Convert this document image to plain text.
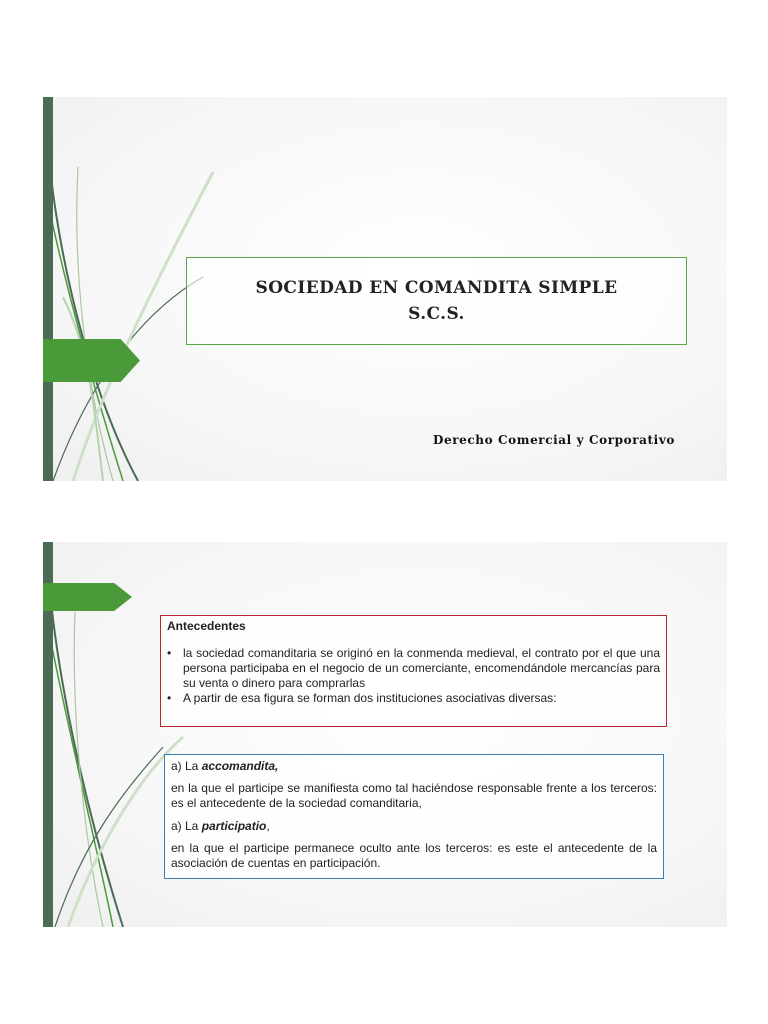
SOCIEDAD EN COMANDITA SIMPLE
S.C.S.
Derecho Comercial y Corporativo
Antecedentes
• la sociedad comanditaria se originó en la conmenda medieval, el contrato por el que una persona participaba en el negocio de un comerciante, encomendándole mercancías para su venta o dinero para comprarlas
• A partir de esa figura se forman dos instituciones asociativas diversas:
a) La accomandita,
en la que el participe se manifiesta como tal haciéndose responsable frente a los terceros: es el antecedente de la sociedad comanditaria,
a) La participatio,
en la que el participe permanece oculto ante los terceros: es este el antecedente de la asociación de cuentas en participación.
